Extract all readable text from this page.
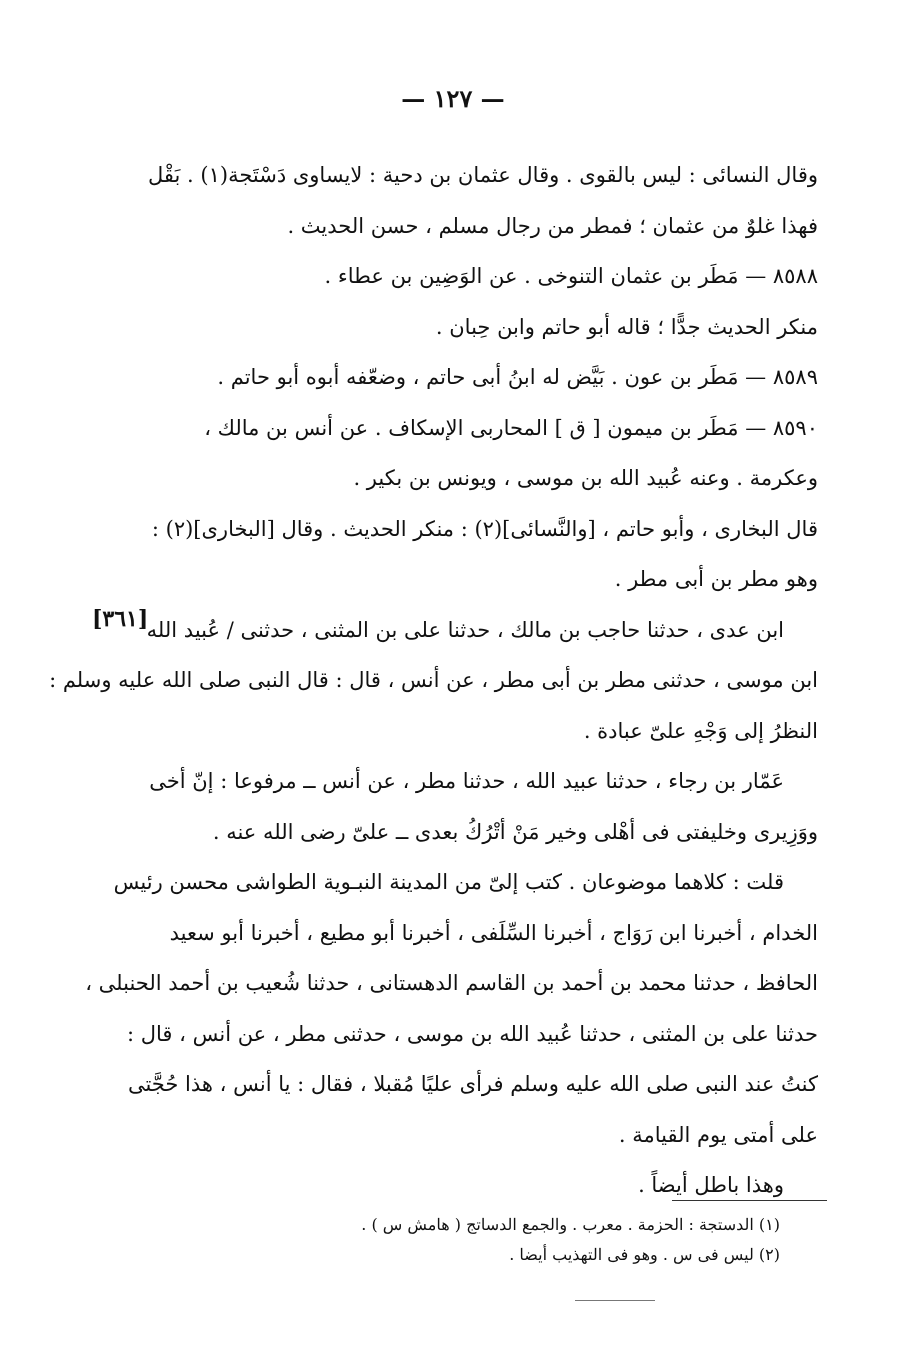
— ١٢٧ —
[٣٦١]
وقال النسائى : ليس بالقوى . وقال عثمان بن دحية : لايساوى دَسْتَجة(١) . بَقْل
فهذا غلوٌ من عثمان ؛ فمطر من رجال مسلم ، حسن الحديث .
٨٥٨٨ — مَطَر بن عثمان التنوخى . عن الوَضِين بن عطاء .
منكر الحديث جدًّا ؛ قاله أبو حاتم وابن حِبان .
٨٥٨٩ — مَطَر بن عون . بَيَّض له ابنُ أبى حاتم ، وضعّفه أبوه أبو حاتم .
٨٥٩٠ — مَطَر بن ميمون [ ق ] المحاربى الإسكاف . عن أنس بن مالك ،
وعكرمة . وعنه عُبيد الله بن موسى ، ويونس بن بكير .
قال البخارى ، وأبو حاتم ، [والنَّسائى](٢) : منكر الحديث . وقال [البخارى](٢) :
وهو مطر بن أبى مطر .
ابن عدى ، حدثنا حاجب بن مالك ، حدثنا على بن المثنى ، حدثنى / عُبيد الله
ابن موسى ، حدثنى مطر بن أبى مطر ، عن أنس ، قال : قال النبى صلى الله عليه وسلم :
النظرُ إلى وَجْهِ علىّ عبادة .
عَمّار بن رجاء ، حدثنا عبيد الله ، حدثنا مطر ، عن أنس ــ مرفوعا : إنّ أخى
ووَزِيرى وخليفتى فى أهْلى وخير مَنْ أتْرُكُ بعدى ــ علىّ رضى الله عنه .
قلت : كلاهما موضوعان . كتب إلىّ من المدينة النبـوية الطواشى محسن رئيس
الخدام ، أخبرنا ابن رَوَاج ، أخبرنا السِّلَفى ، أخبرنا أبو مطيع ، أخبرنا أبو سعيد
الحافظ ، حدثنا محمد بن أحمد بن القاسم الدهستانى ، حدثنا شُعيب بن أحمد الحنبلى ،
حدثنا على بن المثنى ، حدثنا عُبيد الله بن موسى ، حدثنى مطر ، عن أنس ، قال :
كنتُ عند النبى صلى الله عليه وسلم فرأى عليًا مُقبلا ، فقال : يا أنس ، هذا حُجَّتى
على أمتى يوم القيامة .
وهذا باطل أيضاً .
(١) الدستجة : الحزمة . معرب . والجمع الدساتج ( هامش س ) .
(٢) ليس فى س . وهو فى التهذيب أيضا .
